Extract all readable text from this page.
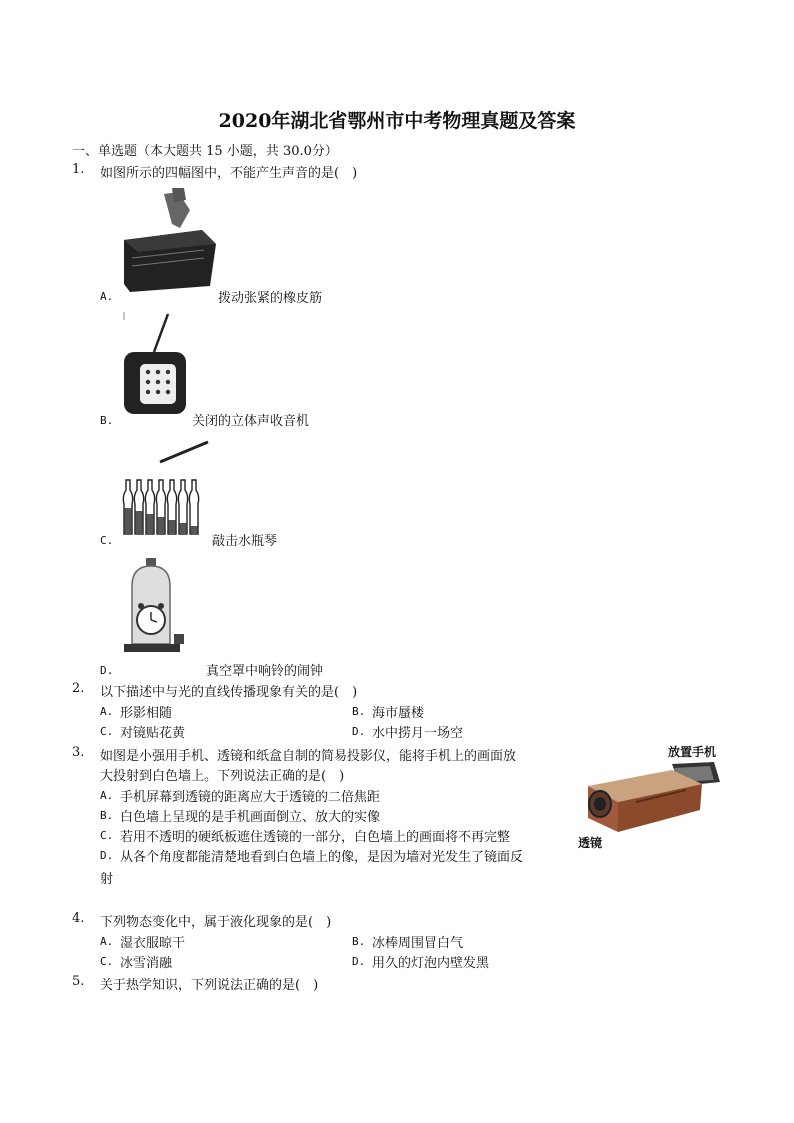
2020年湖北省鄂州市中考物理真题及答案
一、单选题（本大题共 15 小题，共 30.0分）
1. 如图所示的四幅图中，不能产生声音的是(　)
A.	拨动张紧的橡皮筋
B.	关闭的立体声收音机
C.	敲击水瓶琴
D.	真空罩中响铃的闹钟
2. 以下描述中与光的直线传播现象有关的是(　)
A. 形影相随	B. 海市蜃楼
C. 对镜贴花黄	D. 水中捞月一场空
3. 如图是小强用手机、透镜和纸盒自制的简易投影仪，能将手机上的画面放
大投射到白色墙上。下列说法正确的是(　)
A. 手机屏幕到透镜的距离应大于透镜的二倍焦距
B. 白色墙上呈现的是手机画面倒立、放大的实像
C. 若用不透明的硬纸板遮住透镜的一部分，白色墙上的画面将不再完整
D. 从各个角度都能清楚地看到白色墙上的像，是因为墙对光发生了镜面反
射
放置手机
透镜
4. 下列物态变化中，属于液化现象的是(　)
A. 湿衣服晾干	B. 冰棒周围冒白气
C. 冰雪消融	D. 用久的灯泡内壁发黑
5. 关于热学知识，下列说法正确的是(　)
